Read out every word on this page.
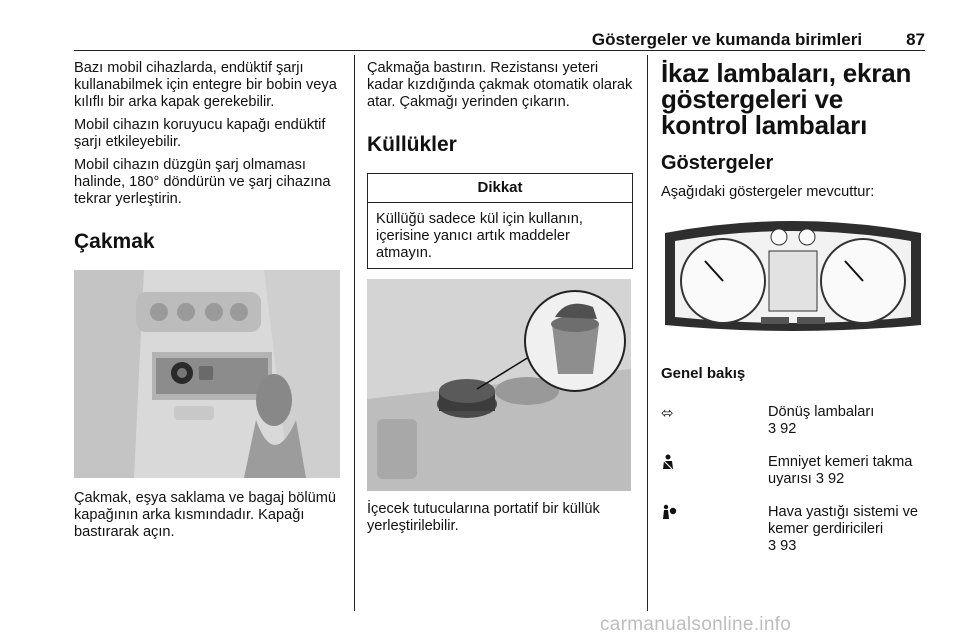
Göstergeler ve kumanda birimleri	87

Bazı mobil cihazlarda, endüktif şarjı kullanabilmek için entegre bir bobin veya kılıflı bir arka kapak gerekebilir.

Mobil cihazın koruyucu kapağı endüktif şarjı etkileyebilir.

Mobil cihazın düzgün şarj olmaması halinde, 180° döndürün ve şarj cihazına tekrar yerleştirin.

Çakmak

Çakmak, eşya saklama ve bagaj bölümü kapağının arka kısmındadır. Kapağı bastırarak açın.

Çakmağa bastırın. Rezistansı yeteri kadar kızdığında çakmak otomatik olarak atar. Çakmağı yerinden çıkarın.

Küllükler
Dikkat
Küllüğü sadece kül için kullanın, içerisine yanıcı artık maddeler atmayın.

İçecek tutucularına portatif bir küllük yerleştirilebilir.

İkaz lambaları, ekran göstergeleri ve kontrol lambaları
Göstergeler

Aşağıdaki göstergeler mevcuttur:

Genel bakış
⬄	Dönüş lambaları
3 92
Emniyet kemeri takma uyarısı 3 92
Hava yastığı sistemi ve kemer gerdiricileri
3 93
carmanualsonline.info
